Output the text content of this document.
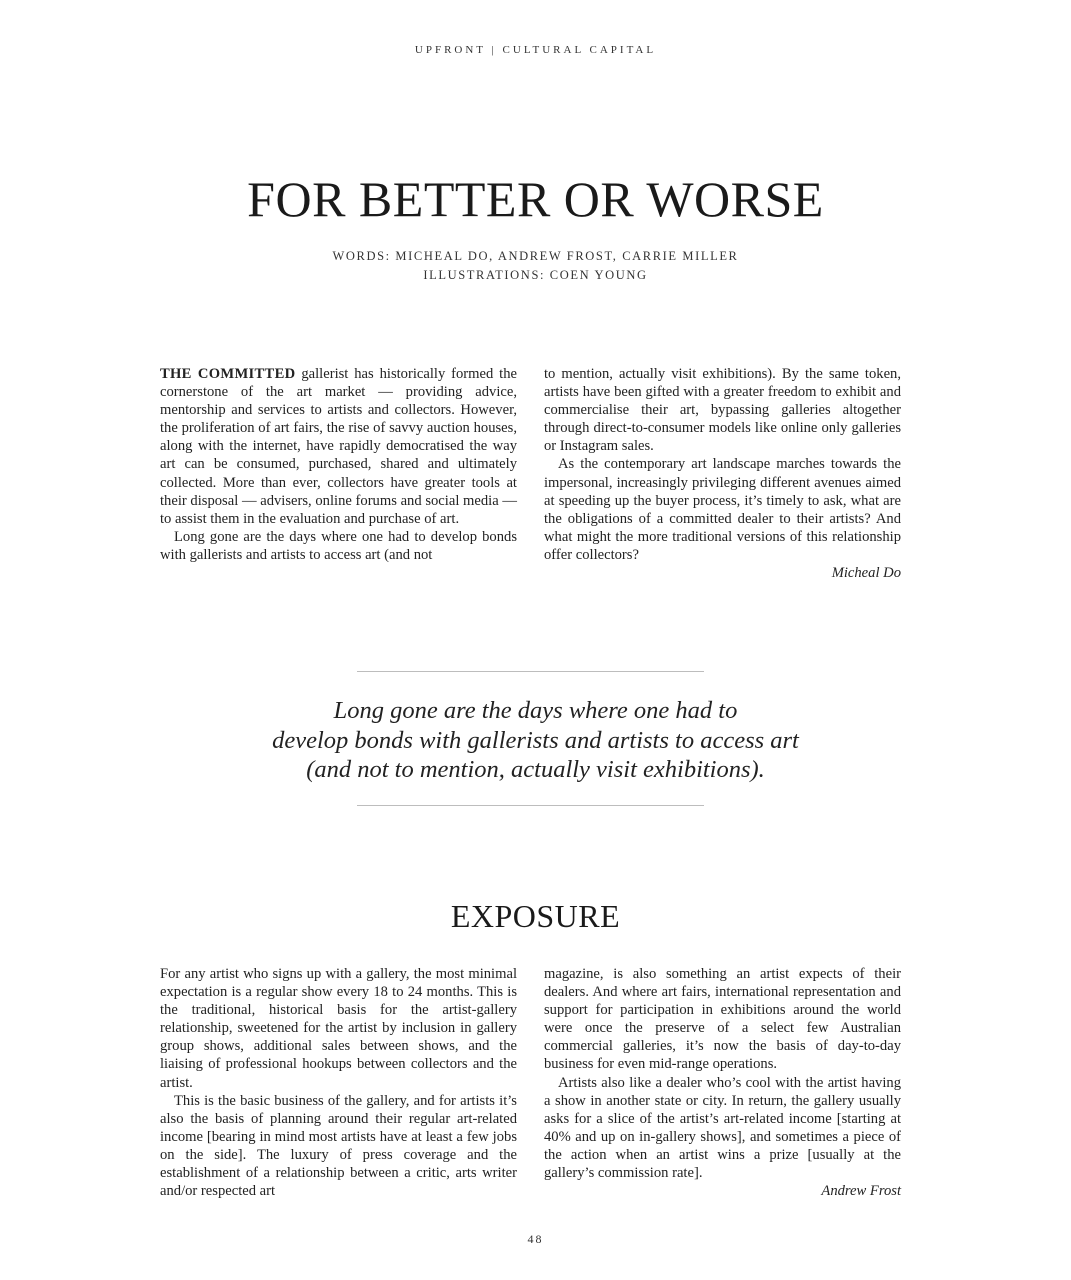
UPFRONT | CULTURAL CAPITAL
FOR BETTER OR WORSE
WORDS: MICHEAL DO, ANDREW FROST, CARRIE MILLER
ILLUSTRATIONS: COEN YOUNG

THE COMMITTED gallerist has historically formed the cornerstone of the art market — providing advice, mentorship and services to artists and collectors. However, the proliferation of art fairs, the rise of savvy auction houses, along with the internet, have rapidly democratised the way art can be consumed, purchased, shared and ultimately collected. More than ever, collectors have greater tools at their disposal — advisers, online forums and social media — to assist them in the evaluation and purchase of art.

Long gone are the days where one had to develop bonds with gallerists and artists to access art (and not

to mention, actually visit exhibitions). By the same token, artists have been gifted with a greater freedom to exhibit and commercialise their art, bypassing galleries altogether through direct-to-consumer models like online only galleries or Instagram sales.

As the contemporary art landscape marches towards the impersonal, increasingly privileging different avenues aimed at speeding up the buyer process, it’s timely to ask, what are the obligations of a committed dealer to their artists? And what might the more traditional versions of this relationship offer collectors?

Micheal Do
Long gone are the days where one had to
develop bonds with gallerists and artists to access art
(and not to mention, actually visit exhibitions).
EXPOSURE

For any artist who signs up with a gallery, the most minimal expectation is a regular show every 18 to 24 months. This is the traditional, historical basis for the artist-gallery relationship, sweetened for the artist by inclusion in gallery group shows, additional sales between shows, and the liaising of professional hookups between collectors and the artist.

This is the basic business of the gallery, and for artists it’s also the basis of planning around their regular art-related income [bearing in mind most artists have at least a few jobs on the side]. The luxury of press coverage and the establishment of a relationship between a critic, arts writer and/or respected art

magazine, is also something an artist expects of their dealers. And where art fairs, international representation and support for participation in exhibitions around the world were once the preserve of a select few Australian commercial galleries, it’s now the basis of day-to-day business for even mid-range operations.

Artists also like a dealer who’s cool with the artist having a show in another state or city. In return, the gallery usually asks for a slice of the artist’s art-related income [starting at 40% and up on in-gallery shows], and sometimes a piece of the action when an artist wins a prize [usually at the gallery’s commission rate].

Andrew Frost
48
